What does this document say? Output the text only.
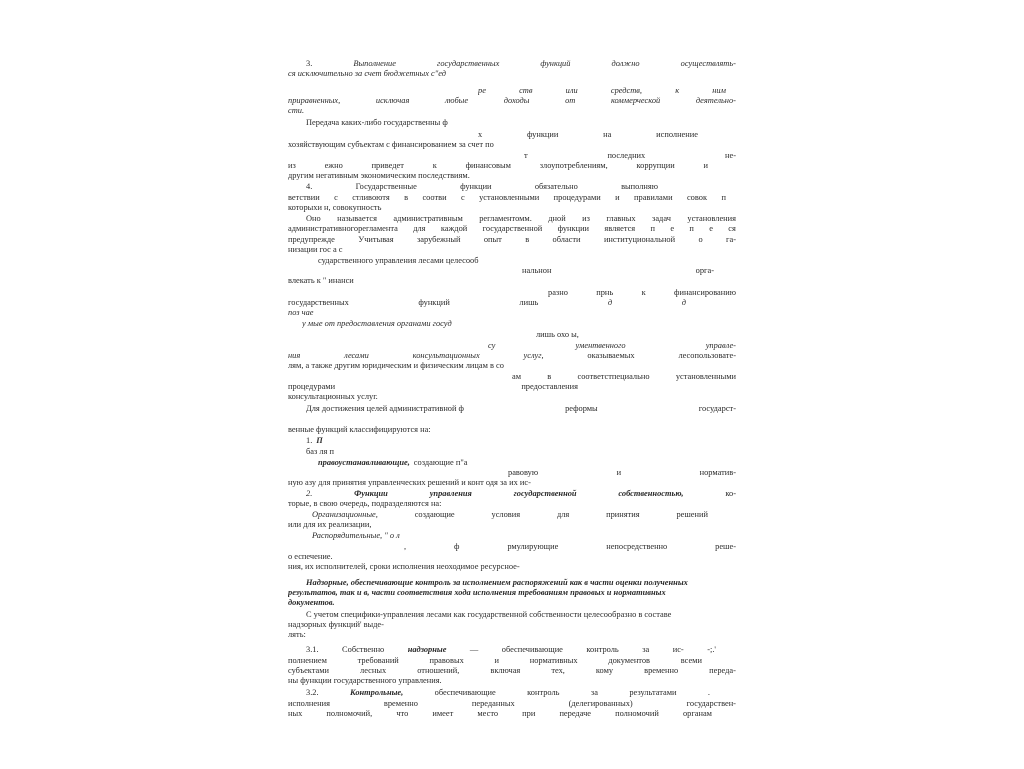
3.	Выполнение	государственных	функций	должно	осуществлять-
ся исключительно за счет бюджетных с"ед
ре	ств	или	средств,	к	ним
приравненных,	исключая	любые	доходы	от	коммерческой	деятельно-
сти.
Передача каких-либо государственны ф
х	функции	на	исполнение
хозяйствующим субъектам с финансированием за счет по
т	последних	не-
из	ежно	приведет	к	финансовым	злоупотреблениям,	коррупции	и
другим негативным экономическим последствиям.
4.	Государственные	функции	обязательно	выполняю
ветствии с стливоютя в соотви с установленными процедурами и правилами совок п
которыхи н, совокупность
Оно называется административным регламентомм. дной из главных задач установления
административногорегламента для каждой государственной функции является п е п е ся
предупрежде	Учитывая	зарубежный	опыт	в	области	институциональной	о	га-
низации гос а с
сударственного управления лесами целесооб
нальнон	орга-
влекать к " инанси
разно	прнь	к	финансированию
государственных	функций	лишь	д	д
поз чае
у мые от предоставления органами госуд
лишь охо ы,
су	ументвенного	управле-
ния	лесами	консультационных	услуг,	оказываемых	лесопользовате-
лям, а также другим юридическим и физическим лицам в со
ам	в	соответстпециально	установленными
процедурами	предоставления
консультационных услуг.
Для достижения целей административной ф	реформы	государст-
венные функций классифицируются на:
1. П
баз ля п
правоустанавливающие, создающие п"а
равовую	и	норматив-
ную азу для принятия управленческих решений и конт одя за их ис-
2.	Функции	управления	государственной	собственностью,	ко-
торые, в свою очередь, подразделяются на:
Организационные,	создающие	условия	для	принятия	решений
или для их реализации,
Распорядительные, " о л
,	ф	рмулирующие	непосредственно	реше-
о еспечение.
ния, их исполнителей, сроки исполнения неоходимое ресурсное-
Надзорные, обеспечивающие контроль за исполнением распоряжений как в части оценки полученных
результатов, так и в, части соответствия хода исполнения требованиям правовых и нормативных
документов.
С учетом специфики-управления лесами как государственной собственности целесообразно в составе
надзорных функций' выде-
лять:
3.1.	Собственно	надзорные	—	обеспечивающие	контроль	за	ис-	-;.'
полнением	требований	правовых	и	нормативных	документов	всеми
субъектами	лесных	отношений,	включая	тех,	кому	временно	переда-
ны функции государственного управления.
3.2.	Контрольные,	обеспечивающие	контроль	за	результатами	.
исполнения	временно	переданных	(делегированных)	государствен-
ных	полномочий,	что	имеет	место	при	передаче	полномочий	органам
